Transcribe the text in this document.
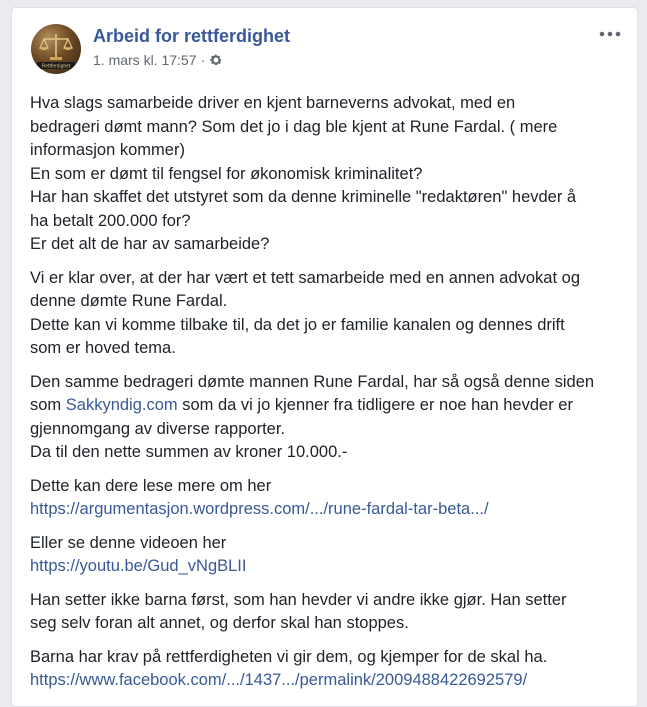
Rettferdighet
Arbeid for rettferdighet
1. mars kl. 17:57 ·
Hva slags samarbeide driver en kjent barneverns advokat, med en
bedrageri dømt mann? Som det jo i dag ble kjent at Rune Fardal. ( mere
informasjon kommer)
En som er dømt til fengsel for økonomisk kriminalitet?
Har han skaffet det utstyret som da denne kriminelle "redaktøren" hevder å
ha betalt 200.000 for?
Er det alt de har av samarbeide?
Vi er klar over, at der har vært et tett samarbeide med en annen advokat og
denne dømte Rune Fardal.
Dette kan vi komme tilbake til, da det jo er familie kanalen og dennes drift
som er hoved tema.
Den samme bedrageri dømte mannen Rune Fardal, har så også denne siden
som Sakkyndig.com som da vi jo kjenner fra tidligere er noe han hevder er
gjennomgang av diverse rapporter.
Da til den nette summen av kroner 10.000.-
Dette kan dere lese mere om her
https://argumentasjon.wordpress.com/.../rune-fardal-tar-beta.../
Eller se denne videoen her
https://youtu.be/Gud_vNgBLII
Han setter ikke barna først, som han hevder vi andre ikke gjør. Han setter
seg selv foran alt annet, og derfor skal han stoppes.
Barna har krav på rettferdigheten vi gir dem, og kjemper for de skal ha.
https://www.facebook.com/.../1437.../permalink/2009488422692579/
